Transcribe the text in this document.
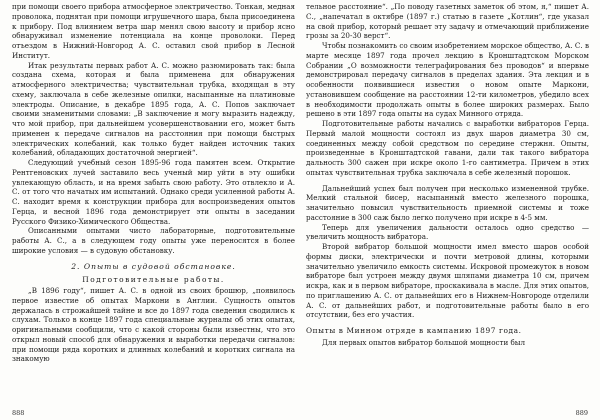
при помощи своего прибора атмосферное электричество. Тонкая, медная проволока, поднятая при помощи игрушечного шара, была присоединена к прибору. Под влиянием ветра шар менял свою высоту и прибор ясно обнаруживал изменение потенциала на конце проволоки. Перед отъездом в Нижний-Новгород А. С. оставил свой прибор в Лесной Институт.

Итак результаты первых работ А. С. можно разюмировать так: была создана схема, которая и была применена для обнаружения атмосферного электричества; чувствительная трубка, входящая в эту схему, заключала в себе железные опилки, насыпанные на платиновые электроды. Описание, в декабре 1895 года, А. С. Попов заключает своими знаменитыми словами: „В заключение я могу выразить надежду, что мой прибор, при дальнейшем усовершенствовании его, может быть применен к передаче сигналов на расстояния при помощи быстрых электрических колебаний, как только будет найден источник таких колебаний, обладающих достаточной энергией“.

Следующий учебный сезон 1895-96 года памятен всем. Открытие Рентгеновских лучей заставило весь ученый мир уйти в эту ошибки увлекающую область, и на время забыть свою работу. Это отвлекло и А. С. от того что начатых им испытаний. Однако среди усиленной работы А. С. находит время к конструкции прибора для воспроизведения опытов Герца, и весной 1896 года демонстрирует эти опыты в заседании Русского Физико-Химического Общества.

Описанными опытами чисто лабораторные, подготовительные работы А. С., а в следующем году опыты уже переносятся в более широкие условия — в судовую обстановку.

2. Опыты в судовой обстановке.
Подготовительные работы.

„В 1896 году“, пишет А. С. в одной из своих брошюр, „появилось первое известие об опытах Маркони в Англии. Сущность опытов держалась в строжайшей тайне и все до 1897 года сведения сводились к слухам. Только в конце 1897 года специальные журналы об этих опытах, оригинальными сообщили, что с какой стороны были известны, что это открыл новый способ для обнаружения и выработки передачи сигналов: при помощи ряда коротких и длинных колебаний и коротких сигнала на знакомую

тельное расстояние“. „По поводу газетных заметок об этом, я,“ пишет А. С., „напечатал в октябре (1897 г.) статью в газете „Котлин“, где указал на свой прибор, который решает эту задачу и отмечающий приближение грозы за 20-30 верст“.

Чтобы познакомить со своим изобретением морское общество, А. С. в марте месяце 1897 года прочел лекцию в Кронштадтском Морском Собрании „О возможности телеграфирования без проводов“ и впервые демонстрировал передачу сигналов в пределах здания. Эта лекция и в особенности появившиеся известия о новом опыте Маркони, установившем сообщение на расстоянии 12-ти километров, убедило всех в необходимости продолжать опыты в более широких размерах. Было решено в эти 1897 года опыты на судах Минного отряда.

Подготовительные работы начались с выработки вибраторов Герца. Первый малой мощности состоял из двух шаров диаметра 30 см, соединенных между собой средством по середине стержня. Опыты, произведенные в Кронштадтской гавани, дали так такого вибратора дальность 300 сажен при искре около 1-го сантиметра. Причем в этих опытах чувствительная трубка заключала в себе железный порошок.

Дальнейший успех был получен при несколько измененной трубке. Мелкий стальной бисер, насыпанный вместо железного порошка, значительно повысил чувствительность приемной системы и тоже расстояние в 300 саж было легко получено при искре в 4-5 мм.

Теперь для увеличения дальности осталось одно средство — увеличить мощность вибратора.

Второй вибратор большой мощности имел вместо шаров особой формы диски, электрически и почти метровой длины, которыми значительно увеличило емкость системы. Искровой промежуток в новом вибраторе был устроен между двумя шляпами диаметра 10 см, причем искра, как и в первом вибраторе, проскакивала в масле. Для этих опытов, по приглашению А. С. от дальнейших его в Нижнем-Новгороде отделили А. С. от дальнейших работ, и подготовительные работы было в его отсутствии, без его участия.

Опыты в Минном отряде в кампанию 1897 года.

Для первых опытов вибратор большой мощности был

888	889
